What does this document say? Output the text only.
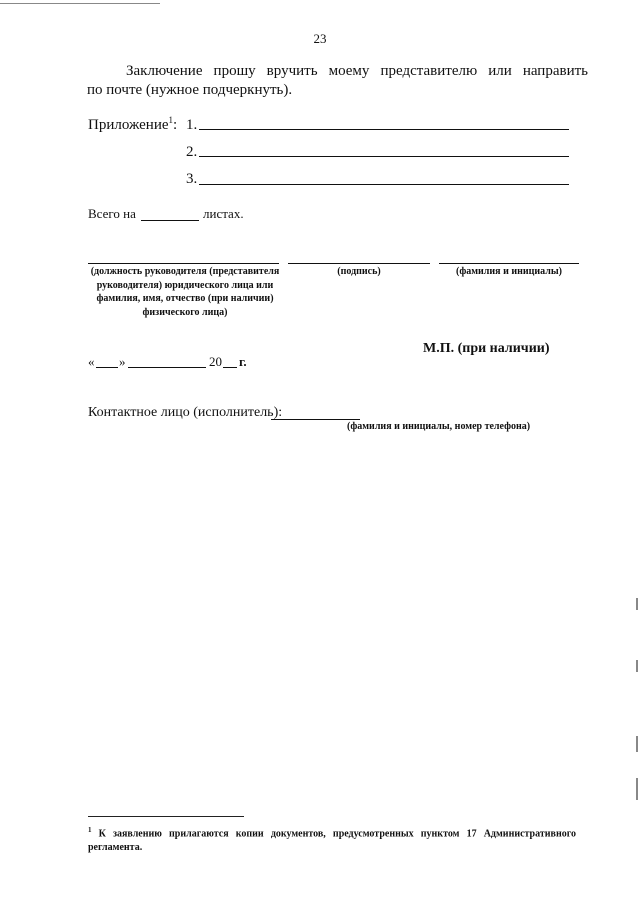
23
Заключение прошу вручить моему представителю или направить
по почте (нужное подчеркнуть).
Приложение$^1$: 1.
2.
3.
Всего на	листах.
(должность руководителя (представителя руководителя) юридического лица или фамилия, имя, отчество (при наличии) физического лица)
(подпись)	(фамилия и инициалы)
М.П. (при наличии)
« »	20 г.
Контактное лицо (исполнитель):
(фамилия и инициалы, номер телефона)
$^1$ К заявлению прилагаются копии документов, предусмотренных пунктом 17 Административного регламента.
